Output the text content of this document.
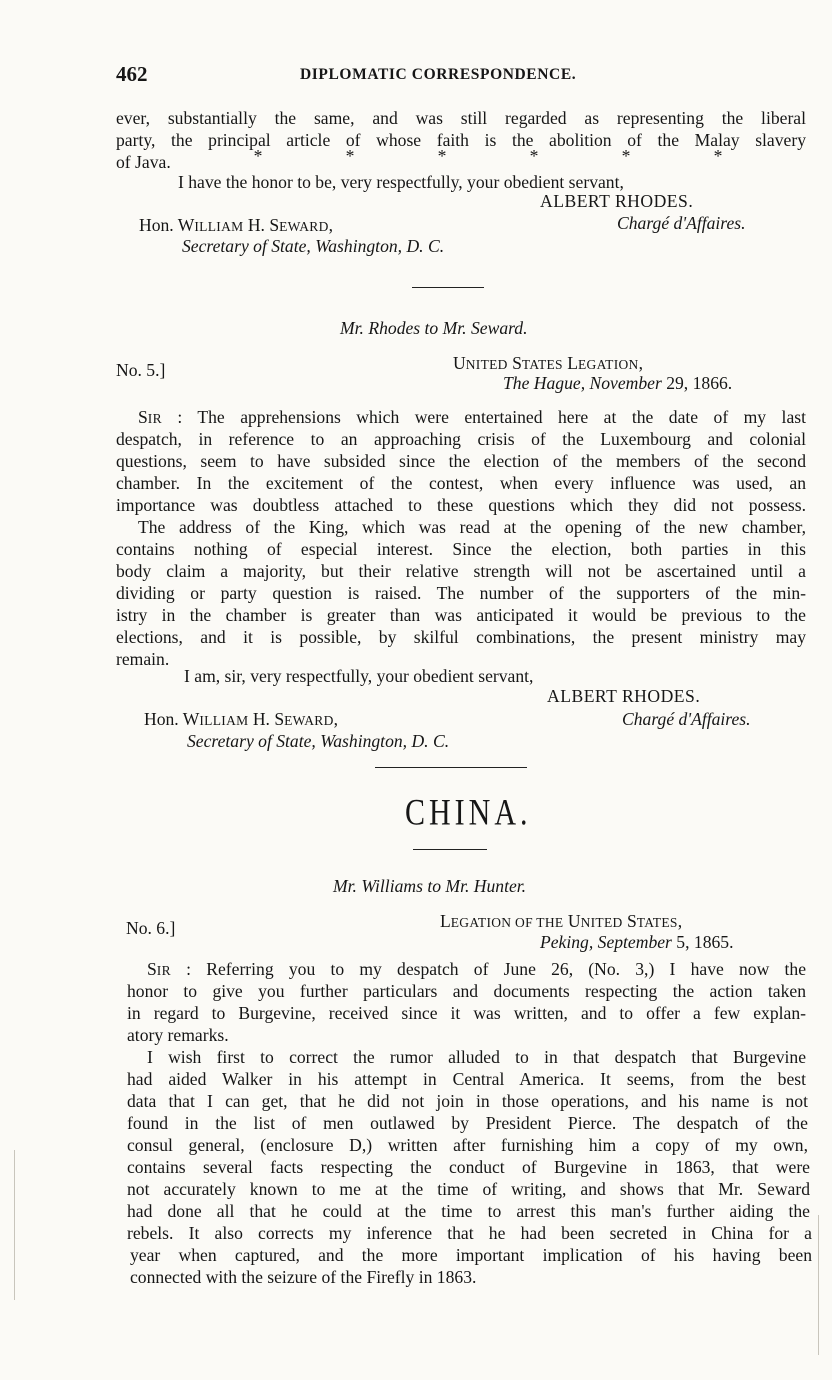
462	DIPLOMATIC CORRESPONDENCE.
ever, substantially the same, and was still regarded as representing the liberal
party, the principal article of whose faith is the abolition of the Malay slavery
of Java.	*	*	*	*	*	*
I have the honor to be, very respectfully, your obedient servant,
ALBERT RHODES.
Hon. WILLIAM H. SEWARD,	Chargé d'Affaires.
Secretary of State, Washington, D. C.
Mr. Rhodes to Mr. Seward.
No. 5.]	UNITED STATES LEGATION,
The Hague, November 29, 1866.
SIR : The apprehensions which were entertained here at the date of my last
despatch, in reference to an approaching crisis of the Luxembourg and colonial
questions, seem to have subsided since the election of the members of the second
chamber. In the excitement of the contest, when every influence was used, an
importance was doubtless attached to these questions which they did not possess.
The address of the King, which was read at the opening of the new chamber,
contains nothing of especial interest. Since the election, both parties in this
body claim a majority, but their relative strength will not be ascertained until a
dividing or party question is raised. The number of the supporters of the min-
istry in the chamber is greater than was anticipated it would be previous to the
elections, and it is possible, by skilful combinations, the present ministry may
remain.
I am, sir, very respectfully, your obedient servant,
ALBERT RHODES.
Hon. WILLIAM H. SEWARD,	Chargé d'Affaires.
Secretary of State, Washington, D. C.
CHINA.
Mr. Williams to Mr. Hunter.
No. 6.]	LEGATION OF THE UNITED STATES,
Peking, September 5, 1865.
SIR : Referring you to my despatch of June 26, (No. 3,) I have now the
honor to give you further particulars and documents respecting the action taken
in regard to Burgevine, received since it was written, and to offer a few explan-
atory remarks.
I wish first to correct the rumor alluded to in that despatch that Burgevine
had aided Walker in his attempt in Central America. It seems, from the best
data that I can get, that he did not join in those operations, and his name is not
found in the list of men outlawed by President Pierce. The despatch of the
consul general, (enclosure D,) written after furnishing him a copy of my own,
contains several facts respecting the conduct of Burgevine in 1863, that were
not accurately known to me at the time of writing, and shows that Mr. Seward
had done all that he could at the time to arrest this man's further aiding the
rebels. It also corrects my inference that he had been secreted in China for a
year when captured, and the more important implication of his having been
connected with the seizure of the Firefly in 1863.
